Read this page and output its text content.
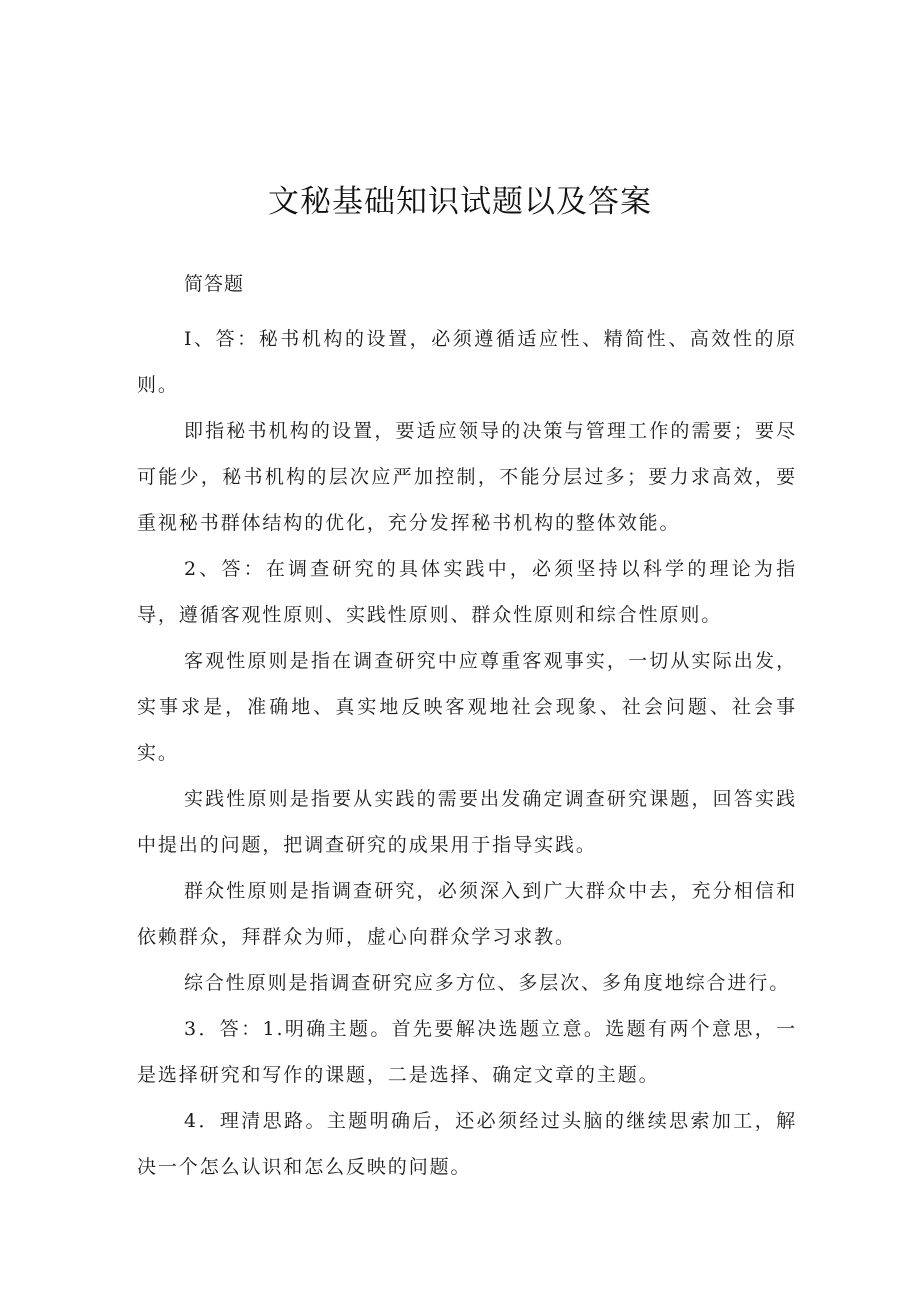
文秘基础知识试题以及答案

简答题

I、答：秘书机构的设置，必须遵循适应性、精简性、高效性的原则。

即指秘书机构的设置，要适应领导的决策与管理工作的需要；要尽可能少，秘书机构的层次应严加控制，不能分层过多；要力求高效，要重视秘书群体结构的优化，充分发挥秘书机构的整体效能。

2、答：在调查研究的具体实践中，必须坚持以科学的理论为指导，遵循客观性原则、实践性原则、群众性原则和综合性原则。

客观性原则是指在调查研究中应尊重客观事实，一切从实际出发，实事求是，准确地、真实地反映客观地社会现象、社会问题、社会事实。

实践性原则是指要从实践的需要出发确定调查研究课题，回答实践中提出的问题，把调查研究的成果用于指导实践。

群众性原则是指调查研究，必须深入到广大群众中去，充分相信和依赖群众，拜群众为师，虚心向群众学习求教。

综合性原则是指调查研究应多方位、多层次、多角度地综合进行。

3．答：1.明确主题。首先要解决选题立意。选题有两个意思，一是选择研究和写作的课题，二是选择、确定文章的主题。

4．理清思路。主题明确后，还必须经过头脑的继续思索加工，解决一个怎么认识和怎么反映的问题。
